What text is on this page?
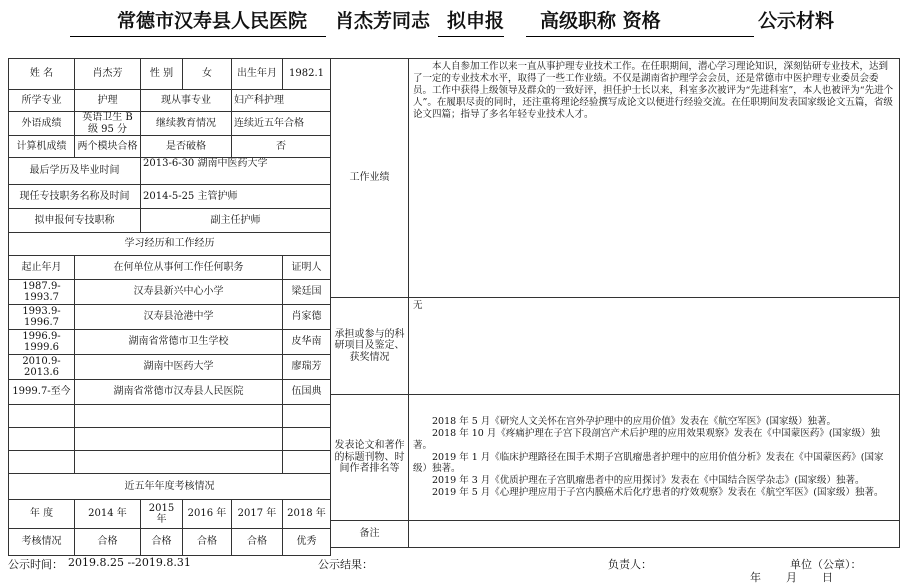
常德市汉寿县人民医院 肖杰芳同志 拟申报 高级职称 资格	公示材料
姓 名	肖杰芳	性 别	女	出生年月	1982.1
所学专业	护理	现从事专业		妇产科护理	
外语成绩	英语卫生 B 级 95 分	继续教育情况		连续近五年合格	
计算机成绩	两个模块合格	是否破格		否	
最后学历及毕业时间		2013-6-30 湖南中医药大学			
现任专技职务名称及时间		2014-5-25 主管护师			
拟申报何专技职称		副主任护师			
学习经历和工作经历					
起止年月	在何单位从事何工作任何职务				证明人
1987.9-1993.7	汉寿县新兴中心小学				梁廷国
1993.9-1996.7	汉寿县沧港中学				肖家德
1996.9-1999.6	湖南省常德市卫生学校				皮华南
2010.9-2013.6	湖南中医药大学				廖瑞芳
1999.7-至今	湖南省常德市汉寿县人民医院				伍国典

近五年年度考核情况					
年 度	2014 年	2015 年	2016 年	2017 年	2018 年
考核情况	合格	合格	合格	合格	优秀
工作业绩	本人自参加工作以来一直从事护理专业技术工作。在任职期间，潜心学习理论知识，深刻钻研专业技术，达到了一定的专业技术水平，取得了一些工作业绩。不仅是湖南省护理学会会员，还是常德市中医护理专业委员会委员。工作中获得上级领导及群众的一致好评，担任护士长以来，科室多次被评为“先进科室”，本人也被评为“先进个人”。在履职尽责的同时，还注重将理论经验撰写成论文以便进行经验交流。在任职期间发表国家级论文五篇，省级论文四篇；指导了多名年轻专业技术人才。

承担或参与的科研项目及鉴定、获奖情况	无
发表论文和著作的标题刊物、时间作者排名等	2018 年 5 月《研究人文关怀在宫外孕护理中的应用价值》发表在《航空军医》(国家级）独著。
2018 年 10 月《疼痛护理在子宫下段剖宫产术后护理的应用效果观察》发表在《中国蒙医药》(国家级）独著。
2019 年 1 月《临床护理路径在围手术期子宫肌瘤患者护理中的应用价值分析》发表在《中国蒙医药》(国家级）独著。
2019 年 3 月《优质护理在子宫肌瘤患者中的应用探讨》发表在《中国结合医学杂志》(国家级）独著。
2019 年 5 月《心理护理应用于子宫内膜癌术后化疗患者的疗效观察》发表在《航空军医》(国家级）独著。

备注	
公示时间： 2019.8.25 --2019.8.31	公示结果：	负责人：	单位（公章）：
年 月 日
